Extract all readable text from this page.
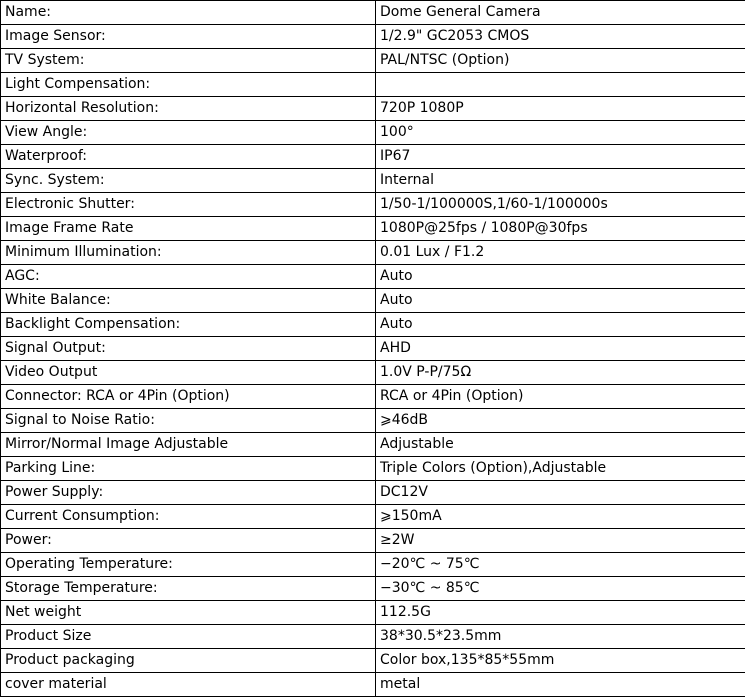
Name:	Dome General Camera
Image Sensor:	1/2.9" GC2053 CMOS
TV System:	PAL/NTSC (Option)
Light Compensation:	
Horizontal Resolution:	720P 1080P
View Angle:	100°
Waterproof:	IP67
Sync. System:	Internal
Electronic Shutter:	1/50-1/100000S,1/60-1/100000s
Image Frame Rate	1080P@25fps / 1080P@30fps
Minimum Illumination:	0.01 Lux / F1.2
AGC:	Auto
White Balance:	Auto
Backlight Compensation:	Auto
Signal Output:	AHD
Video Output	1.0V P-P/75Ω
Connector: RCA or 4Pin (Option)	RCA or 4Pin (Option)
Signal to Noise Ratio:	⩾46dB
Mirror/Normal Image Adjustable	Adjustable
Parking Line:	Triple Colors (Option),Adjustable
Power Supply:	DC12V
Current Consumption:	⩾150mA
Power:	≥2W
Operating Temperature:	−20℃ ~ 75℃
Storage Temperature:	−30℃ ~ 85℃
Net weight	112.5G
Product Size	38*30.5*23.5mm
Product packaging	Color box,135*85*55mm
cover material	metal
